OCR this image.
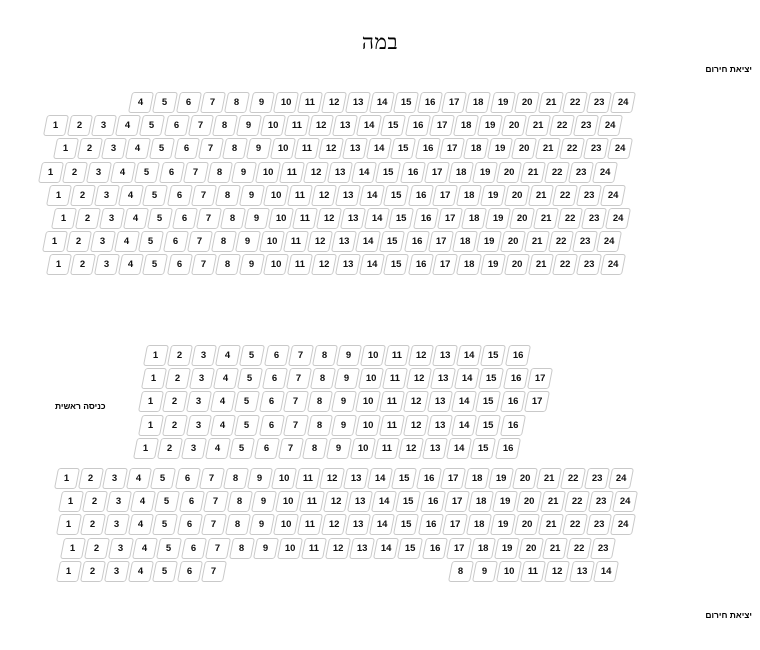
במה
יציאת חירום
יציאת חירום
כניסה ראשית
4	5	6	7	8	9	10	11	12	13	14	15	16	17	18	19	20	21	22	23	24
1	2	3	4	5	6	7	8	9	10	11	12	13	14	15	16	17	18	19	20	21	22	23	24
1	2	3	4	5	6	7	8	9	10	11	12	13	14	15	16	17	18	19	20	21	22	23	24
1	2	3	4	5	6	7	8	9	10	11	12	13	14	15	16	17	18	19	20	21	22	23	24
1	2	3	4	5	6	7	8	9	10	11	12	13	14	15	16	17	18	19	20	21	22	23	24
1	2	3	4	5	6	7	8	9	10	11	12	13	14	15	16	17	18	19	20	21	22	23	24
1	2	3	4	5	6	7	8	9	10	11	12	13	14	15	16	17	18	19	20	21	22	23	24
1	2	3	4	5	6	7	8	9	10	11	12	13	14	15	16	17	18	19	20	21	22	23	24
1	2	3	4	5	6	7	8	9	10	11	12	13	14	15	16
1	2	3	4	5	6	7	8	9	10	11	12	13	14	15	16	17
1	2	3	4	5	6	7	8	9	10	11	12	13	14	15	16	17
1	2	3	4	5	6	7	8	9	10	11	12	13	14	15	16
1	2	3	4	5	6	7	8	9	10	11	12	13	14	15	16
1	2	3	4	5	6	7	8	9	10	11	12	13	14	15	16	17	18	19	20	21	22	23	24
1	2	3	4	5	6	7	8	9	10	11	12	13	14	15	16	17	18	19	20	21	22	23	24
1	2	3	4	5	6	7	8	9	10	11	12	13	14	15	16	17	18	19	20	21	22	23	24
1	2	3	4	5	6	7	8	9	10	11	12	13	14	15	16	17	18	19	20	21	22	23
1	2	3	4	5	6	7	8	9	10	11	12	13	14
